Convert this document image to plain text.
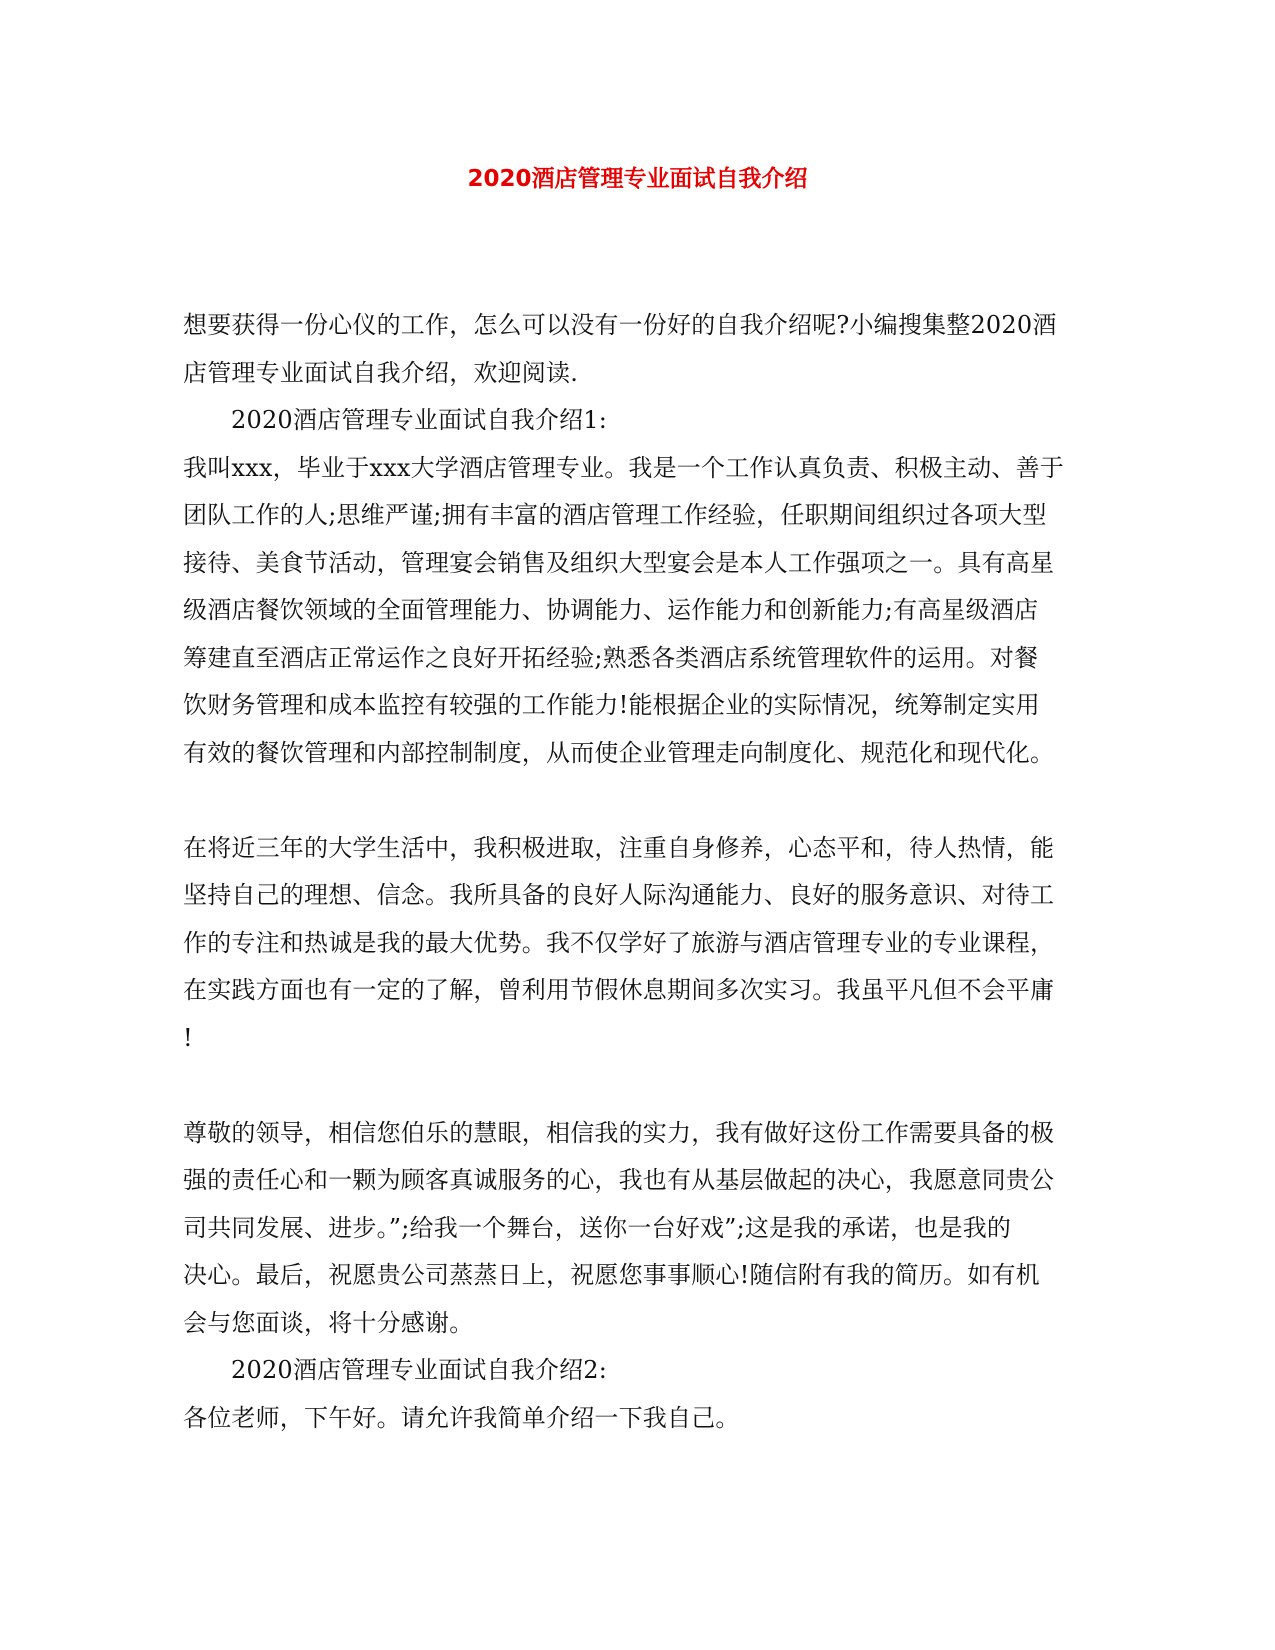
2020酒店管理专业面试自我介绍
想要获得一份心仪的工作，怎么可以没有一份好的自我介绍呢?小编搜集整2020酒
店管理专业面试自我介绍，欢迎阅读.
2020酒店管理专业面试自我介绍1:
我叫xxx，毕业于xxx大学酒店管理专业。我是一个工作认真负责、积极主动、善于
团队工作的人;思维严谨;拥有丰富的酒店管理工作经验，任职期间组织过各项大型
接待、美食节活动，管理宴会销售及组织大型宴会是本人工作强项之一。具有高星
级酒店餐饮领域的全面管理能力、协调能力、运作能力和创新能力;有高星级酒店
筹建直至酒店正常运作之良好开拓经验;熟悉各类酒店系统管理软件的运用。对餐
饮财务管理和成本监控有较强的工作能力!能根据企业的实际情况，统筹制定实用
有效的餐饮管理和内部控制制度，从而使企业管理走向制度化、规范化和现代化。
在将近三年的大学生活中，我积极进取，注重自身修养，心态平和，待人热情，能
坚持自己的理想、信念。我所具备的良好人际沟通能力、良好的服务意识、对待工
作的专注和热诚是我的最大优势。我不仅学好了旅游与酒店管理专业的专业课程，
在实践方面也有一定的了解，曾利用节假休息期间多次实习。我虽平凡但不会平庸
!
尊敬的领导，相信您伯乐的慧眼，相信我的实力，我有做好这份工作需要具备的极
强的责任心和一颗为顾客真诚服务的心，我也有从基层做起的决心，我愿意同贵公
司共同发展、进步。”;给我一个舞台，送你一台好戏”;这是我的承诺，也是我的
决心。最后，祝愿贵公司蒸蒸日上，祝愿您事事顺心!随信附有我的简历。如有机
会与您面谈，将十分感谢。
2020酒店管理专业面试自我介绍2:
各位老师，下午好。请允许我简单介绍一下我自己。
